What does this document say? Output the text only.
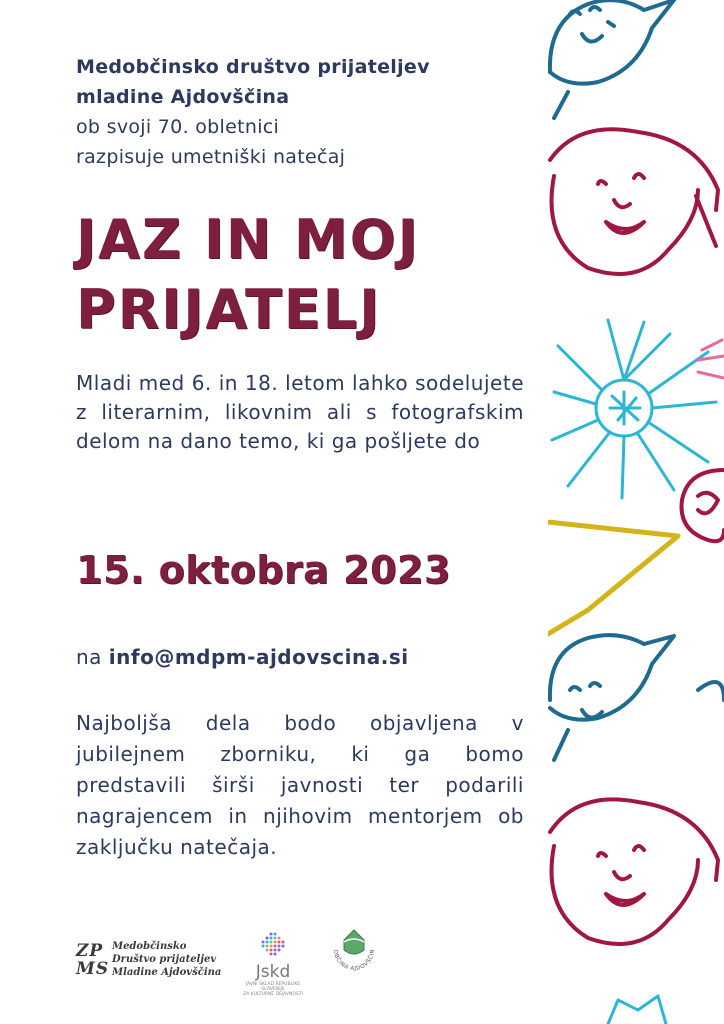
Medobčinsko društvo prijateljev
mladine Ajdovščina
ob svoji 70. obletnici
razpisuje umetniški natečaj
JAZ IN MOJ
PRIJATELJ
Mladi med 6. in 18. letom lahko sodelujete z literarnim, likovnim ali s fotografskim delom na dano temo, ki ga pošljete do
15. oktobra 2023
na info@mdpm-ajdovscina.si
Najboljša dela bodo objavljena v jubilejnem zborniku, ki ga bomo predstavili širši javnosti ter podarili nagrajencem in njihovim mentorjem ob zaključku natečaja.
ZP
MS
Medobčinsko
Društvo prijateljev
Mladine Ajdovščina	Jskd
JAVNI SKLAD REPUBLIKE SLOVENIJE
ZA KULTURNE DEJAVNOSTI
OBČINA AJDOVŠČIN
